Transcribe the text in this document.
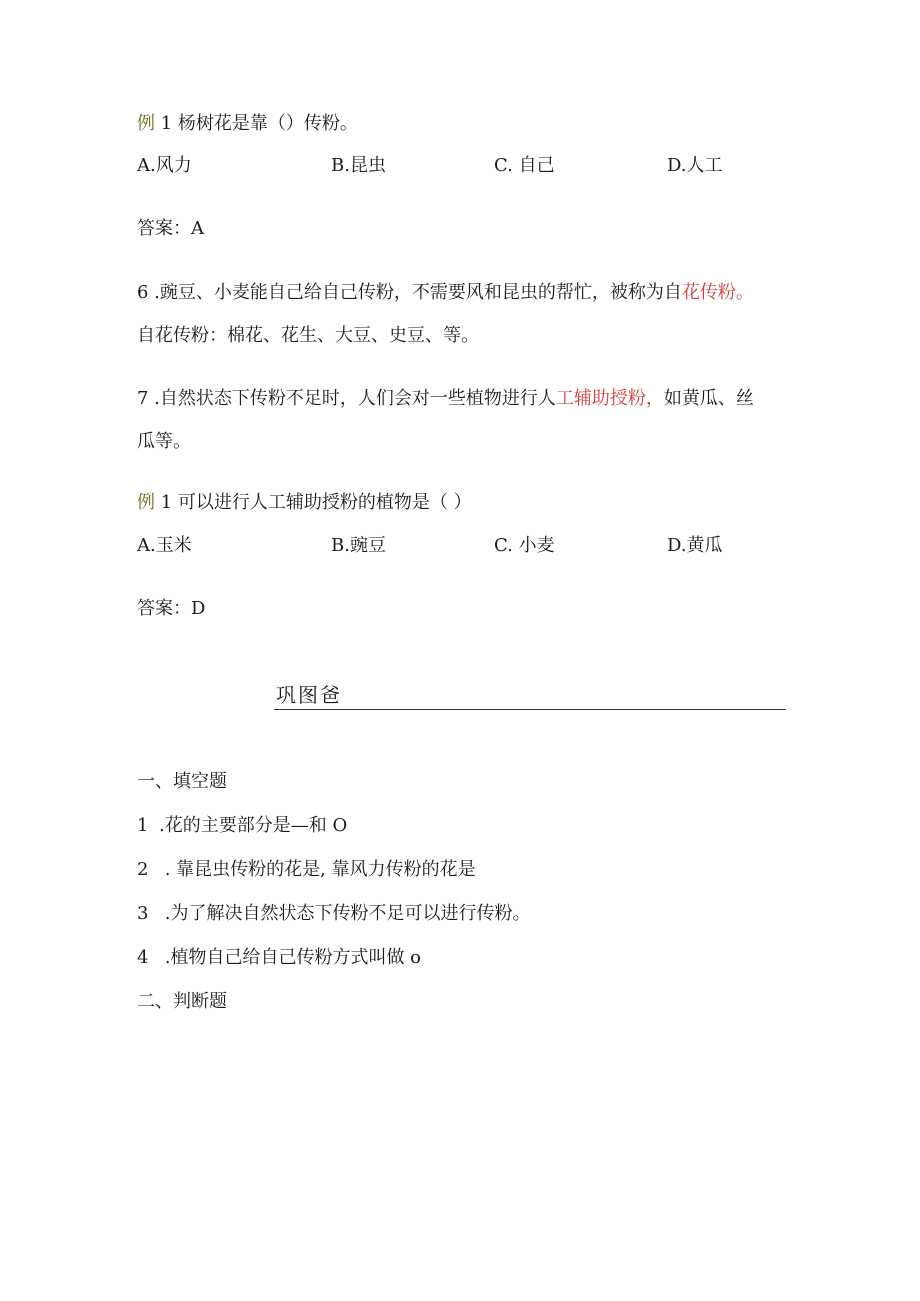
例 1 杨树花是靠（）传粉。
A.风力	B.昆虫	C. 自己	D.人工
答案：A
6 .豌豆、小麦能自己给自己传粉，不需要风和昆虫的帮忙，被称为自花传粉。
自花传粉：棉花、花生、大豆、史豆、等。
7 .自然状态下传粉不足时，人们会对一些植物进行人工辅助授粉，如黄瓜、丝
瓜等。
例 1 可以进行人工辅助授粉的植物是（ ）
A.玉米	B.豌豆	C. 小麦	D.黄瓜
答案：D
巩图爸
一、填空题
1 .花的主要部分是—和 O
2 . 靠昆虫传粉的花是, 靠风力传粉的花是
3 .为了解决自然状态下传粉不足可以进行传粉。
4 .植物自己给自己传粉方式叫做 o
二、判断题
